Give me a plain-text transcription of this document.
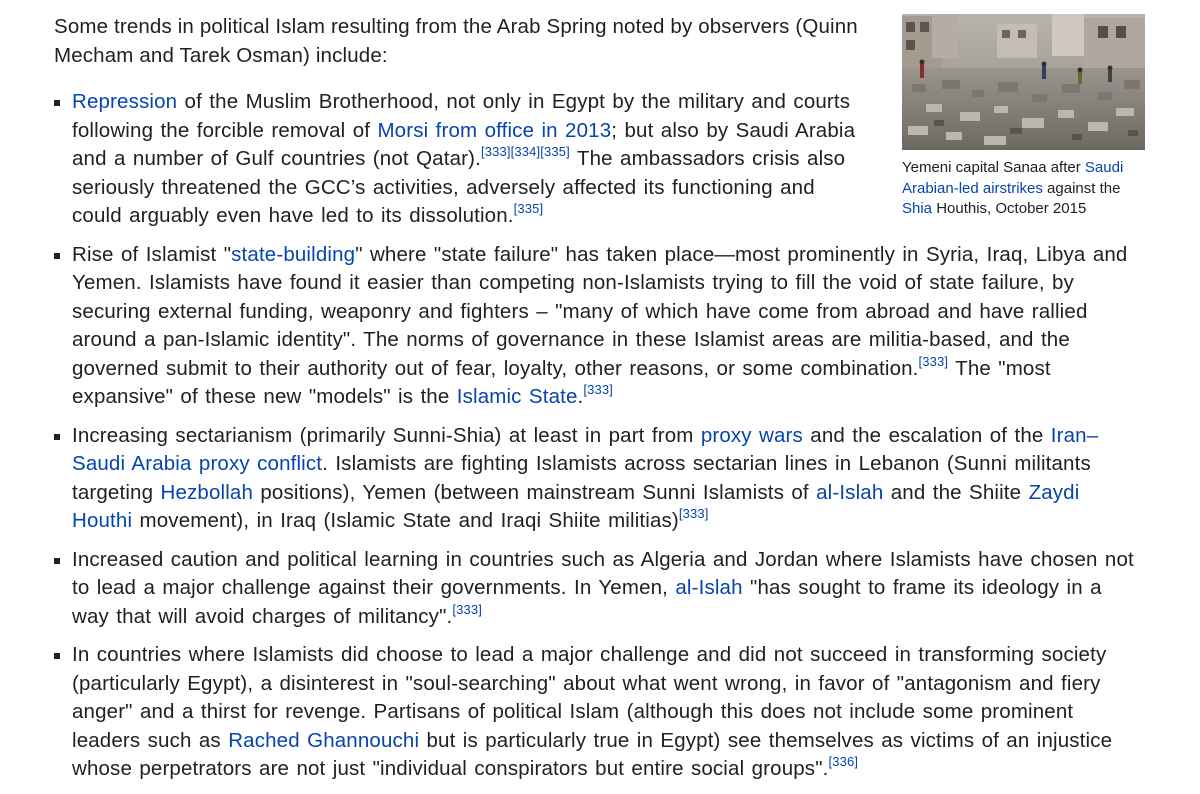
Some trends in political Islam resulting from the Arab Spring noted by observers (Quinn Mecham and Tarek Osman) include:

Yemeni capital Sanaa after Saudi Arabian-led airstrikes against the Shia Houthis, October 2015
Repression of the Muslim Brotherhood, not only in Egypt by the military and courts following the forcible removal of Morsi from office in 2013; but also by Saudi Arabia and a number of Gulf countries (not Qatar).[333][334][335] The ambassadors crisis also seriously threatened the GCC’s activities, adversely affected its functioning and could arguably even have led to its dissolution.[335]
Rise of Islamist "state-building" where "state failure" has taken place—most prominently in Syria, Iraq, Libya and Yemen. Islamists have found it easier than competing non-Islamists trying to fill the void of state failure, by securing external funding, weaponry and fighters – "many of which have come from abroad and have rallied around a pan-Islamic identity". The norms of governance in these Islamist areas are militia-based, and the governed submit to their authority out of fear, loyalty, other reasons, or some combination.[333] The "most expansive" of these new "models" is the Islamic State.[333]
Increasing sectarianism (primarily Sunni-Shia) at least in part from proxy wars and the escalation of the Iran–Saudi Arabia proxy conflict. Islamists are fighting Islamists across sectarian lines in Lebanon (Sunni militants targeting Hezbollah positions), Yemen (between mainstream Sunni Islamists of al-Islah and the Shiite Zaydi Houthi movement), in Iraq (Islamic State and Iraqi Shiite militias)[333]
Increased caution and political learning in countries such as Algeria and Jordan where Islamists have chosen not to lead a major challenge against their governments. In Yemen, al-Islah "has sought to frame its ideology in a way that will avoid charges of militancy".[333]
In countries where Islamists did choose to lead a major challenge and did not succeed in transforming society (particularly Egypt), a disinterest in "soul-searching" about what went wrong, in favor of "antagonism and fiery anger" and a thirst for revenge. Partisans of political Islam (although this does not include some prominent leaders such as Rached Ghannouchi but is particularly true in Egypt) see themselves as victims of an injustice whose perpetrators are not just "individual conspirators but entire social groups".[336]
